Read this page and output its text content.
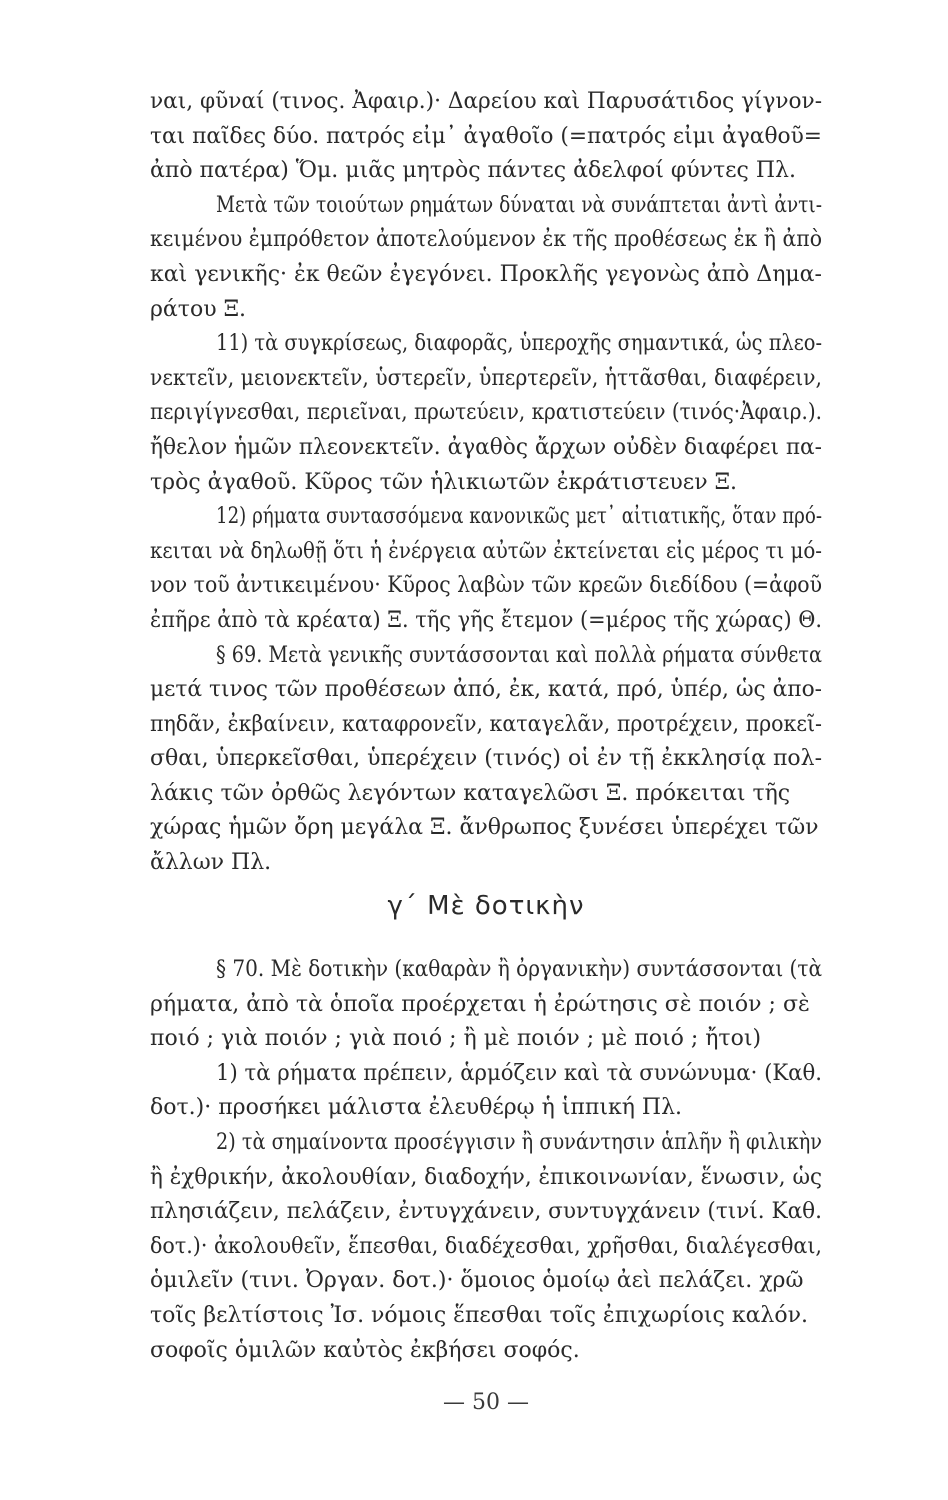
ναι, φῦναί (τινος. Ἀφαιρ.)· Δαρείου καὶ Παρυσάτιδος γίγνον-
ται παῖδες δύο. πατρός εἰμ᾽ ἀγαθοῖο (=πατρός εἰμι ἀγαθοῦ=
ἀπὸ πατέρα) Ὅμ. μιᾶς μητρὸς πάντες ἀδελφοί φύντες Πλ.
Μετὰ τῶν τοιούτων ρημάτων δύναται νὰ συνάπτεται ἀντὶ ἀντι-
κειμένου ἐμπρόθετον ἀποτελούμενον ἐκ τῆς προθέσεως ἐκ ἢ ἀπὸ
καὶ γενικῆς· ἐκ θεῶν ἐγεγόνει. Προκλῆς γεγονὼς ἀπὸ Δημα-
ράτου Ξ.
11) τὰ συγκρίσεως, διαφορᾶς, ὑπεροχῆς σημαντικά, ὡς πλεο-
νεκτεῖν, μειονεκτεῖν, ὑστερεῖν, ὑπερτερεῖν, ἡττᾶσθαι, διαφέρειν,
περιγίγνεσθαι, περιεῖναι, πρωτεύειν, κρατιστεύειν (τινός·Ἀφαιρ.).
ἤθελον ἡμῶν πλεονεκτεῖν. ἀγαθὸς ἄρχων οὐδὲν διαφέρει πα-
τρὸς ἀγαθοῦ. Κῦρος τῶν ἡλικιωτῶν ἐκράτιστευεν Ξ.
12) ρήματα συντασσόμενα κανονικῶς μετ᾽ αἰτιατικῆς, ὅταν πρό-
κειται νὰ δηλωθῇ ὅτι ἡ ἐνέργεια αὐτῶν ἐκτείνεται εἰς μέρος τι μό-
νον τοῦ ἀντικειμένου· Κῦρος λαβὼν τῶν κρεῶν διεδίδου (=ἀφοῦ
ἐπῆρε ἀπὸ τὰ κρέατα) Ξ. τῆς γῆς ἔτεμον (=μέρος τῆς χώρας) Θ.
§ 69. Μετὰ γενικῆς συντάσσονται καὶ πολλὰ ρήματα σύνθετα
μετά τινος τῶν προθέσεων ἀπό, ἐκ, κατά, πρό, ὑπέρ, ὡς ἀπο-
πηδᾶν, ἐκβαίνειν, καταφρονεῖν, καταγελᾶν, προτρέχειν, προκεῖ-
σθαι, ὑπερκεῖσθαι, ὑπερέχειν (τινός) οἱ ἐν τῇ ἐκκλησίᾳ πολ-
λάκις τῶν ὀρθῶς λεγόντων καταγελῶσι Ξ. πρόκειται τῆς
χώρας ἡμῶν ὄρη μεγάλα Ξ. ἄνθρωπος ξυνέσει ὑπερέχει τῶν
ἄλλων Πλ.
γ΄ Μὲ δοτικὴν
§ 70. Μὲ δοτικὴν (καθαρὰν ἢ ὀργανικὴν) συντάσσονται (τὰ
ρήματα, ἀπὸ τὰ ὁποῖα προέρχεται ἡ ἐρώτησις σὲ ποιόν ; σὲ
ποιό ; γιὰ ποιόν ; γιὰ ποιό ; ἢ μὲ ποιόν ; μὲ ποιό ; ἤτοι)
1) τὰ ρήματα πρέπειν, ἁρμόζειν καὶ τὰ συνώνυμα· (Καθ.
δοτ.)· προσήκει μάλιστα ἐλευθέρῳ ἡ ἱππική Πλ.
2) τὰ σημαίνοντα προσέγγισιν ἢ συνάντησιν ἁπλῆν ἢ φιλικὴν
ἢ ἐχθρικήν, ἀκολουθίαν, διαδοχήν, ἐπικοινωνίαν, ἕνωσιν, ὡς
πλησιάζειν, πελάζειν, ἐντυγχάνειν, συντυγχάνειν (τινί. Καθ.
δοτ.)· ἀκολουθεῖν, ἕπεσθαι, διαδέχεσθαι, χρῆσθαι, διαλέγεσθαι,
ὁμιλεῖν (τινι. Ὀργαν. δοτ.)· ὅμοιος ὁμοίῳ ἀεὶ πελάζει. χρῶ
τοῖς βελτίστοις Ἰσ. νόμοις ἕπεσθαι τοῖς ἐπιχωρίοις καλόν.
σοφοῖς ὁμιλῶν καὐτὸς ἐκβήσει σοφός.
— 50 —
